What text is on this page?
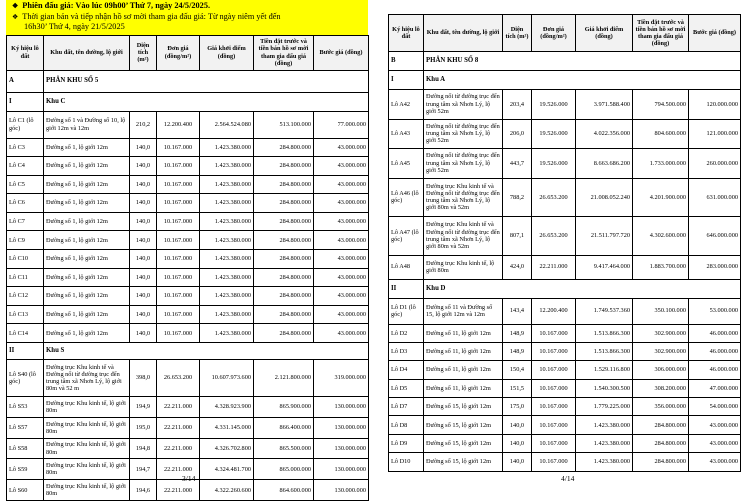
❖ Phiên đấu giá: Vào lúc 09h00’ Thứ 7, ngày 24/5/2025.
❖ Thời gian bán và tiếp nhận hồ sơ mời tham gia đấu giá: Từ ngày niêm yết đến
16h30’ Thứ 4, ngày 21/5/2025
Ký hiệu lô đất	Khu đất, tên đường, lộ giới	Diện tích (m²)	Đơn giá (đồng/m²)	Giá khởi điểm (đồng)	Tiền đặt trước và tiền bán hồ sơ mời tham gia đấu giá (đồng)	Bước giá (đồng)
A	PHÂN KHU SỐ 5					
I	Khu C					
Lô C1 (lô góc)	Đường số 1 và Đường số 10, lộ giới 12m và 12m	210,2	12.200.400	2.564.524.080	513.100.000	77.000.000
Lô C3	Đường số 1, lộ giới 12m	140,0	10.167.000	1.423.380.000	284.800.000	43.000.000
Lô C4	Đường số 1, lộ giới 12m	140,0	10.167.000	1.423.380.000	284.800.000	43.000.000
Lô C5	Đường số 1, lộ giới 12m	140,0	10.167.000	1.423.380.000	284.800.000	43.000.000
Lô C6	Đường số 1, lộ giới 12m	140,0	10.167.000	1.423.380.000	284.800.000	43.000.000
Lô C7	Đường số 1, lộ giới 12m	140,0	10.167.000	1.423.380.000	284.800.000	43.000.000
Lô C9	Đường số 1, lộ giới 12m	140,0	10.167.000	1.423.380.000	284.800.000	43.000.000
Lô C10	Đường số 1, lộ giới 12m	140,0	10.167.000	1.423.380.000	284.800.000	43.000.000
Lô C11	Đường số 1, lộ giới 12m	140,0	10.167.000	1.423.380.000	284.800.000	43.000.000
Lô C12	Đường số 1, lộ giới 12m	140,0	10.167.000	1.423.380.000	284.800.000	43.000.000
Lô C13	Đường số 1, lộ giới 12m	140,0	10.167.000	1.423.380.000	284.800.000	43.000.000
Lô C14	Đường số 1, lộ giới 12m	140,0	10.167.000	1.423.380.000	284.800.000	43.000.000
II	Khu S					
Lô S40 (lô góc)	Đường trục Khu kinh tế và Đường nối từ đường trục đến trung tâm xã Nhơn Lý, lộ giới 80m và 52 m	398,0	26.653.200	10.607.973.600	2.121.800.000	319.000.000
Lô S53	Đường trục Khu kinh tế, lộ giới 80m	194,9	22.211.000	4.328.923.900	865.900.000	130.000.000
Lô S57	Đường trục Khu kinh tế, lộ giới 80m	195,0	22.211.000	4.331.145.000	866.400.000	130.000.000
Lô S58	Đường trục Khu kinh tế, lộ giới 80m	194,8	22.211.000	4.326.702.800	865.500.000	130.000.000
Lô S59	Đường trục Khu kinh tế, lộ giới 80m	194,7	22.211.000	4.324.481.700	865.000.000	130.000.000
Lô S60	Đường trục Khu kinh tế, lộ giới 80m	194,6	22.211.000	4.322.260.600	864.600.000	130.000.000
3/14
Ký hiệu lô đất	Khu đất, tên đường, lộ giới	Diện tích (m²)	Đơn giá (đồng/m²)	Giá khởi điểm (đồng)	Tiền đặt trước và tiền bán hồ sơ mời tham gia đấu giá (đồng)	Bước giá (đồng)
B	PHÂN KHU SỐ 8					
I	Khu A					
Lô A42	Đường nối từ đường trục đến trung tâm xã Nhơn Lý, lộ giới 52m	203,4	19.526.000	3.971.588.400	794.500.000	120.000.000
Lô A43	Đường nối từ đường trục đến trung tâm xã Nhơn Lý, lộ giới 52m	206,0	19.526.000	4.022.356.000	804.600.000	121.000.000
Lô A45	Đường nối từ đường trục đến trung tâm xã Nhơn Lý, lộ giới 52m	443,7	19.526.000	8.663.686.200	1.733.000.000	260.000.000
Lô A46 (lô góc)	Đường trục Khu kinh tế và Đường nối từ đường trục đến trung tâm xã Nhơn Lý, lộ giới 80m và 52m	788,2	26.653.200	21.008.052.240	4.201.900.000	631.000.000
Lô A47 (lô góc)	Đường trục Khu kinh tế và Đường nối từ đường trục đến trung tâm xã Nhơn Lý, lộ giới 80m và 52m	807,1	26.653.200	21.511.797.720	4.302.600.000	646.000.000
Lô A48	Đường trục Khu kinh tế, lộ giới 80m	424,0	22.211.000	9.417.464.000	1.883.700.000	283.000.000
II	Khu D					
Lô D1 (lô góc)	Đường số 11 và Đường số 15, lộ giới 12m và 12m	143,4	12.200.400	1.749.537.360	350.100.000	53.000.000
Lô D2	Đường số 11, lộ giới 12m	148,9	10.167.000	1.513.866.300	302.900.000	46.000.000
Lô D3	Đường số 11, lộ giới 12m	148,9	10.167.000	1.513.866.300	302.900.000	46.000.000
Lô D4	Đường số 11, lộ giới 12m	150,4	10.167.000	1.529.116.800	306.000.000	46.000.000
Lô D5	Đường số 11, lộ giới 12m	151,5	10.167.000	1.540.300.500	308.200.000	47.000.000
Lô D7	Đường số 15, lộ giới 12m	175,0	10.167.000	1.779.225.000	356.000.000	54.000.000
Lô D8	Đường số 15, lộ giới 12m	140,0	10.167.000	1.423.380.000	284.800.000	43.000.000
Lô D9	Đường số 15, lộ giới 12m	140,0	10.167.000	1.423.380.000	284.800.000	43.000.000
Lô D10	Đường số 15, lộ giới 12m	140,0	10.167.000	1.423.380.000	284.800.000	43.000.000
4/14
